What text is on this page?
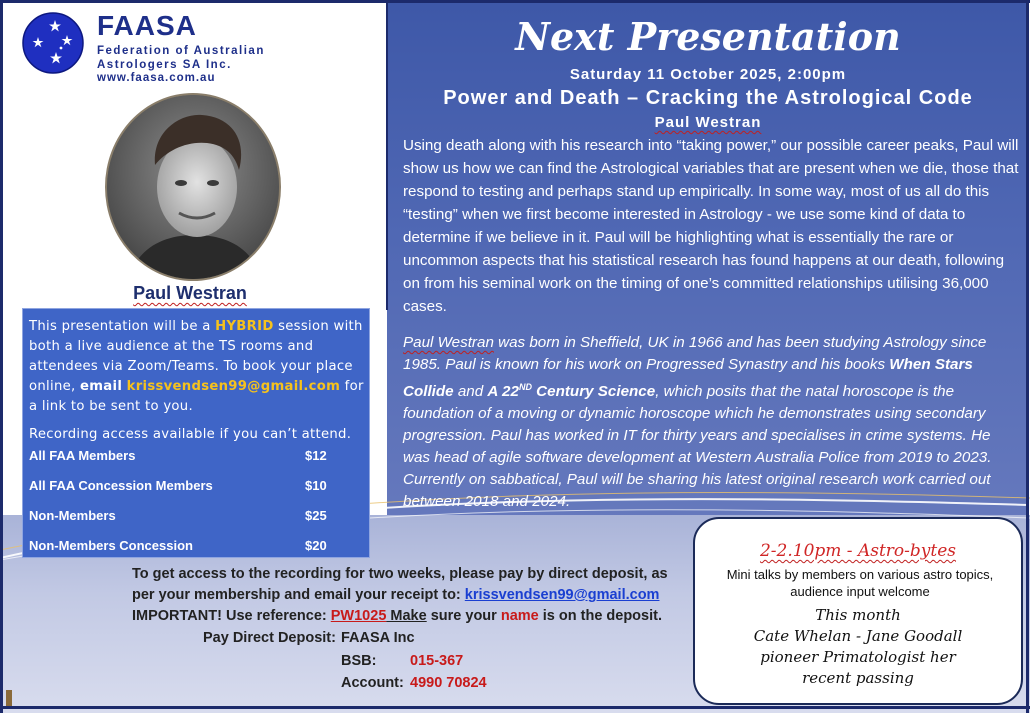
FAASA
Federation of Australian
Astrologers SA Inc.
www.faasa.com.au
Paul Westran
This presentation will be a HYBRID session with both a live audience at the TS rooms and attendees via Zoom/Teams. To book your place online, email krissvendsen99@gmail.com for a link to be sent to you.
Recording access available if you can’t attend.
All FAA Members	$12
All FAA Concession Members	$10
Non-Members	$25
Non-Members Concession	$20
Next Presentation
Saturday 11 October 2025, 2:00pm
Power and Death – Cracking the Astrological Code
Paul Westran
Using death along with his research into “taking power,” our possible career peaks, Paul will show us how we can find the Astrological variables that are present when we die, those that respond to testing and perhaps stand up empirically. In some way, most of us all do this “testing” when we first become interested in Astrology - we use some kind of data to determine if we believe in it. Paul will be highlighting what is essentially the rare or uncommon aspects that his statistical research has found happens at our death, following on from his seminal work on the timing of one’s committed relationships utilising 36,000 cases.
Paul Westran was born in Sheffield, UK in 1966 and has been studying Astrology since 1985. Paul is known for his work on Progressed Synastry and his books When Stars Collide and A 22ND Century Science, which posits that the natal horoscope is the foundation of a moving or dynamic horoscope which he demonstrates using secondary progression. Paul has worked in IT for thirty years and specialises in crime systems. He was head of agile software development at Western Australia Police from 2019 to 2023. Currently on sabbatical, Paul will be sharing his latest original research work carried out between 2018 and 2024.
2-2.10pm - Astro-bytes
Mini talks by members on various astro topics, audience input welcome
This month
Cate Whelan - Jane Goodall
pioneer Primatologist her
recent passing
To get access to the recording for two weeks, please pay by direct deposit, as
per your membership and email your receipt to: krissvendsen99@gmail.com
IMPORTANT! Use reference: PW1025 Make sure your name is on the deposit.
Pay Direct Deposit: FAASA Inc
BSB: 015-367
Account: 4990 70824
